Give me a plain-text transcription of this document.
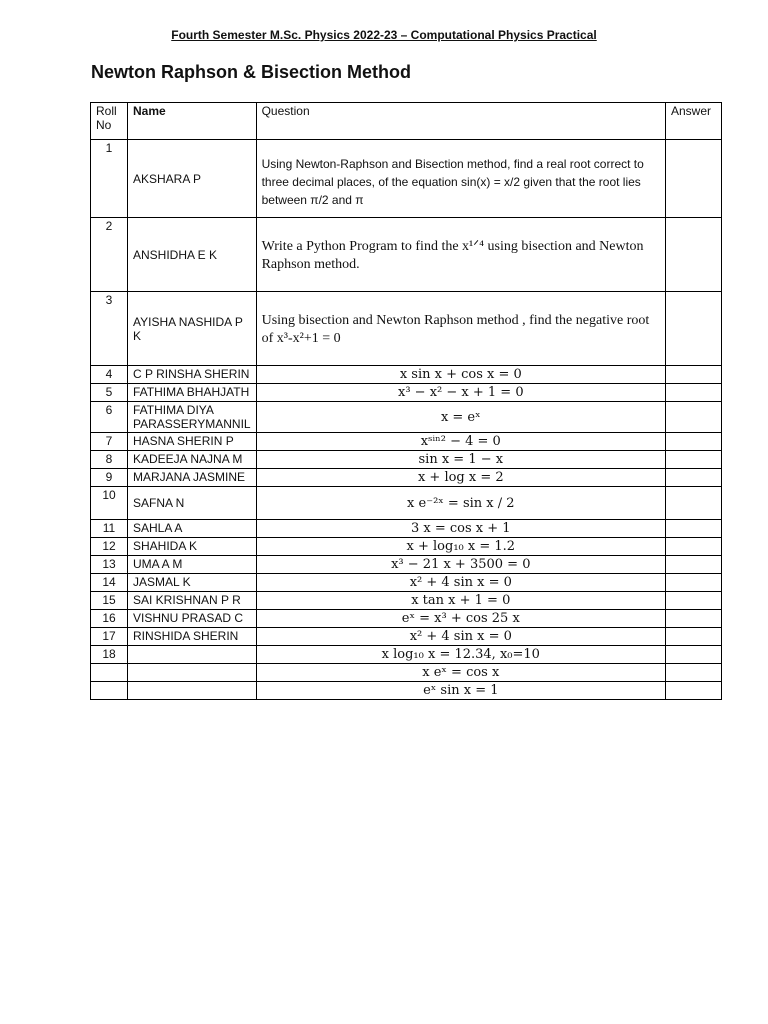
Fourth Semester M.Sc. Physics 2022-23 – Computational Physics Practical
Newton Raphson & Bisection Method
Roll No	Name	Question	Answer
1	AKSHARA P	Using Newton-Raphson and Bisection method, find a real root correct to three decimal places, of the equation sin(x) = x/2 given that the root lies between π/2 and π	
2	ANSHIDHA E K	Write a Python Program to find the x¹ᐟ⁴ using bisection and Newton Raphson method.	
3	AYISHA NASHIDA P K	Using bisection and Newton Raphson method , find the negative root of x³-x²+1 = 0	
4	C P RINSHA SHERIN	x sin x + cos x = 0	
5	FATHIMA BHAHJATH	x³ − x² − x + 1 = 0	
6	FATHIMA DIYA PARASSERYMANNIL	x = eˣ	
7	HASNA SHERIN P	xˢⁱⁿ² − 4 = 0	
8	KADEEJA NAJNA M	sin x = 1 − x	
9	MARJANA JASMINE	x + log x = 2	
10	SAFNA N	x e⁻²ˣ = sin x / 2	
11	SAHLA A	3 x = cos x + 1	
12	SHAHIDA K	x + log₁₀ x = 1.2	
13	UMA A M	x³ − 21 x + 3500 = 0	
14	JASMAL K	x² + 4 sin x = 0	
15	SAI KRISHNAN P R	x tan x + 1 = 0	
16	VISHNU PRASAD C	eˣ = x³ + cos 25 x	
17	RINSHIDA SHERIN	x² + 4 sin x = 0	
18		x log₁₀ x = 12.34, x₀=10	
		x eˣ = cos x	
		eˣ sin x = 1	
